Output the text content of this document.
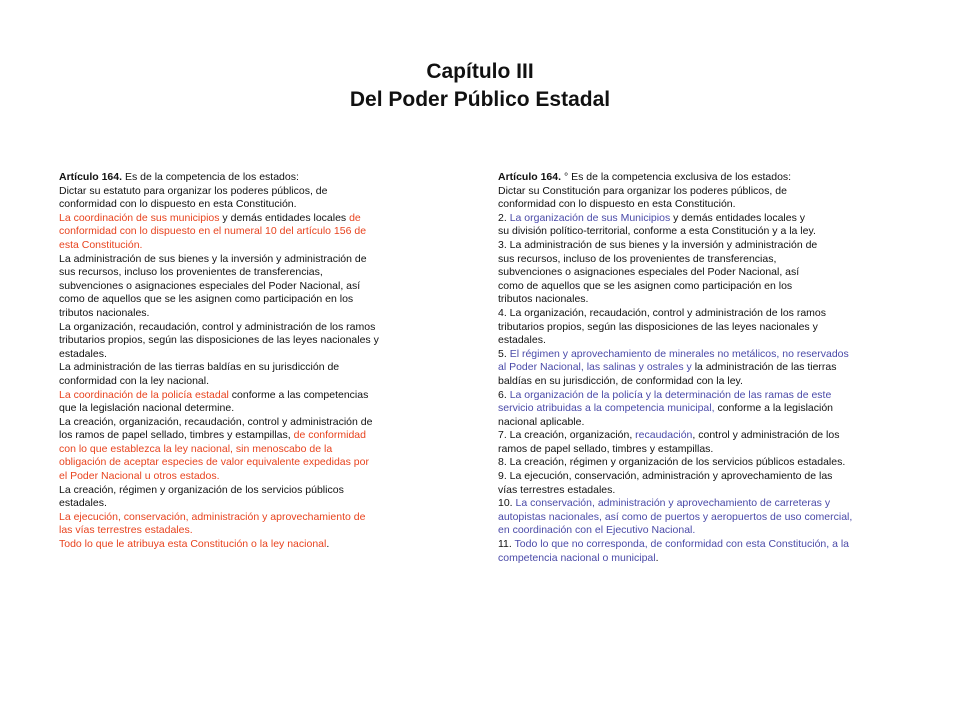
Capítulo III
Del Poder Público Estadal
Artículo 164. Es de la competencia de los estados:
Dictar su estatuto para organizar los poderes públicos, de
conformidad con lo dispuesto en esta Constitución.
La coordinación de sus municipios y demás entidades locales de
conformidad con lo dispuesto en el numeral 10 del artículo 156 de
esta Constitución.
La administración de sus bienes y la inversión y administración de
sus recursos, incluso los provenientes de transferencias,
subvenciones o asignaciones especiales del Poder Nacional, así
como de aquellos que se les asignen como participación en los
tributos nacionales.
La organización, recaudación, control y administración de los ramos
tributarios propios, según las disposiciones de las leyes nacionales y
estadales.
La administración de las tierras baldías en su jurisdicción de
conformidad con la ley nacional.
La coordinación de la policía estadal conforme a las competencias
que la legislación nacional determine.
La creación, organización, recaudación, control y administración de
los ramos de papel sellado, timbres y estampillas, de conformidad
con lo que establezca la ley nacional, sin menoscabo de la
obligación de aceptar especies de valor equivalente expedidas por
el Poder Nacional u otros estados.
La creación, régimen y organización de los servicios públicos
estadales.
La ejecución, conservación, administración y aprovechamiento de
las vías terrestres estadales.
Todo lo que le atribuya esta Constitución o la ley nacional.
Artículo 164. ° Es de la competencia exclusiva de los estados:
Dictar su Constitución para organizar los poderes públicos, de
conformidad con lo dispuesto en esta Constitución.
2. La organización de sus Municipios y demás entidades locales y
su división político-territorial, conforme a esta Constitución y a la ley.
3. La administración de sus bienes y la inversión y administración de
sus recursos, incluso de los provenientes de transferencias,
subvenciones o asignaciones especiales del Poder Nacional, así
como de aquellos que se les asignen como participación en los
tributos nacionales.
4. La organización, recaudación, control y administración de los ramos
tributarios propios, según las disposiciones de las leyes nacionales y
estadales.
5. El régimen y aprovechamiento de minerales no metálicos, no reservados
al Poder Nacional, las salinas y ostrales y la administración de las tierras
baldías en su jurisdicción, de conformidad con la ley.
6. La organización de la policía y la determinación de las ramas de este
servicio atribuidas a la competencia municipal, conforme a la legislación
nacional aplicable.
7. La creación, organización, recaudación, control y administración de los
ramos de papel sellado, timbres y estampillas.
8. La creación, régimen y organización de los servicios públicos estadales.
9. La ejecución, conservación, administración y aprovechamiento de las
vías terrestres estadales.
10. La conservación, administración y aprovechamiento de carreteras y
autopistas nacionales, así como de puertos y aeropuertos de uso comercial,
en coordinación con el Ejecutivo Nacional.
11. Todo lo que no corresponda, de conformidad con esta Constitución, a la
competencia nacional o municipal.
